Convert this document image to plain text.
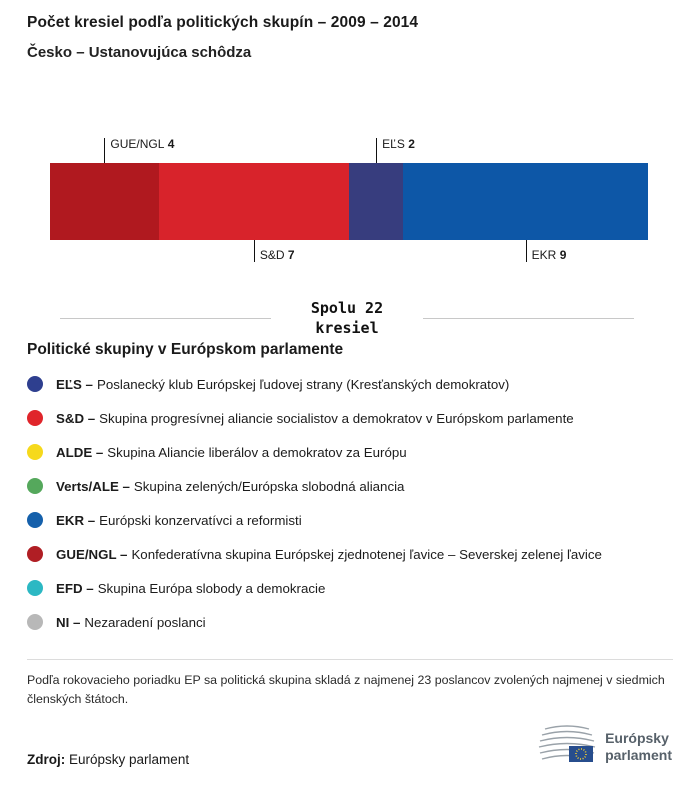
Počet kresiel podľa politických skupín – 2009 – 2014
Česko – Ustanovujúca schôdza
GUE/NGL 4
S&D 7
EĽS 2
EKR 9
Spolu 22
kresiel
Politické skupiny v Európskom parlamente
EĽS – Poslanecký klub Európskej ľudovej strany (Kresťanských demokratov)
S&D – Skupina progresívnej aliancie socialistov a demokratov v Európskom parlamente
ALDE – Skupina Aliancie liberálov a demokratov za Európu
Verts/ALE – Skupina zelených/Európska slobodná aliancia
EKR – Európski konzervatívci a reformisti
GUE/NGL – Konfederatívna skupina Európskej zjednotenej ľavice – Severskej zelenej ľavice
EFD – Skupina Európa slobody a demokracie
NI – Nezaradení poslanci

Podľa rokovacieho poriadku EP sa politická skupina skladá z najmenej 23 poslancov zvolených najmenej v siedmich členských štátoch.

Zdroj: Európsky parlament

Európsky
parlament
